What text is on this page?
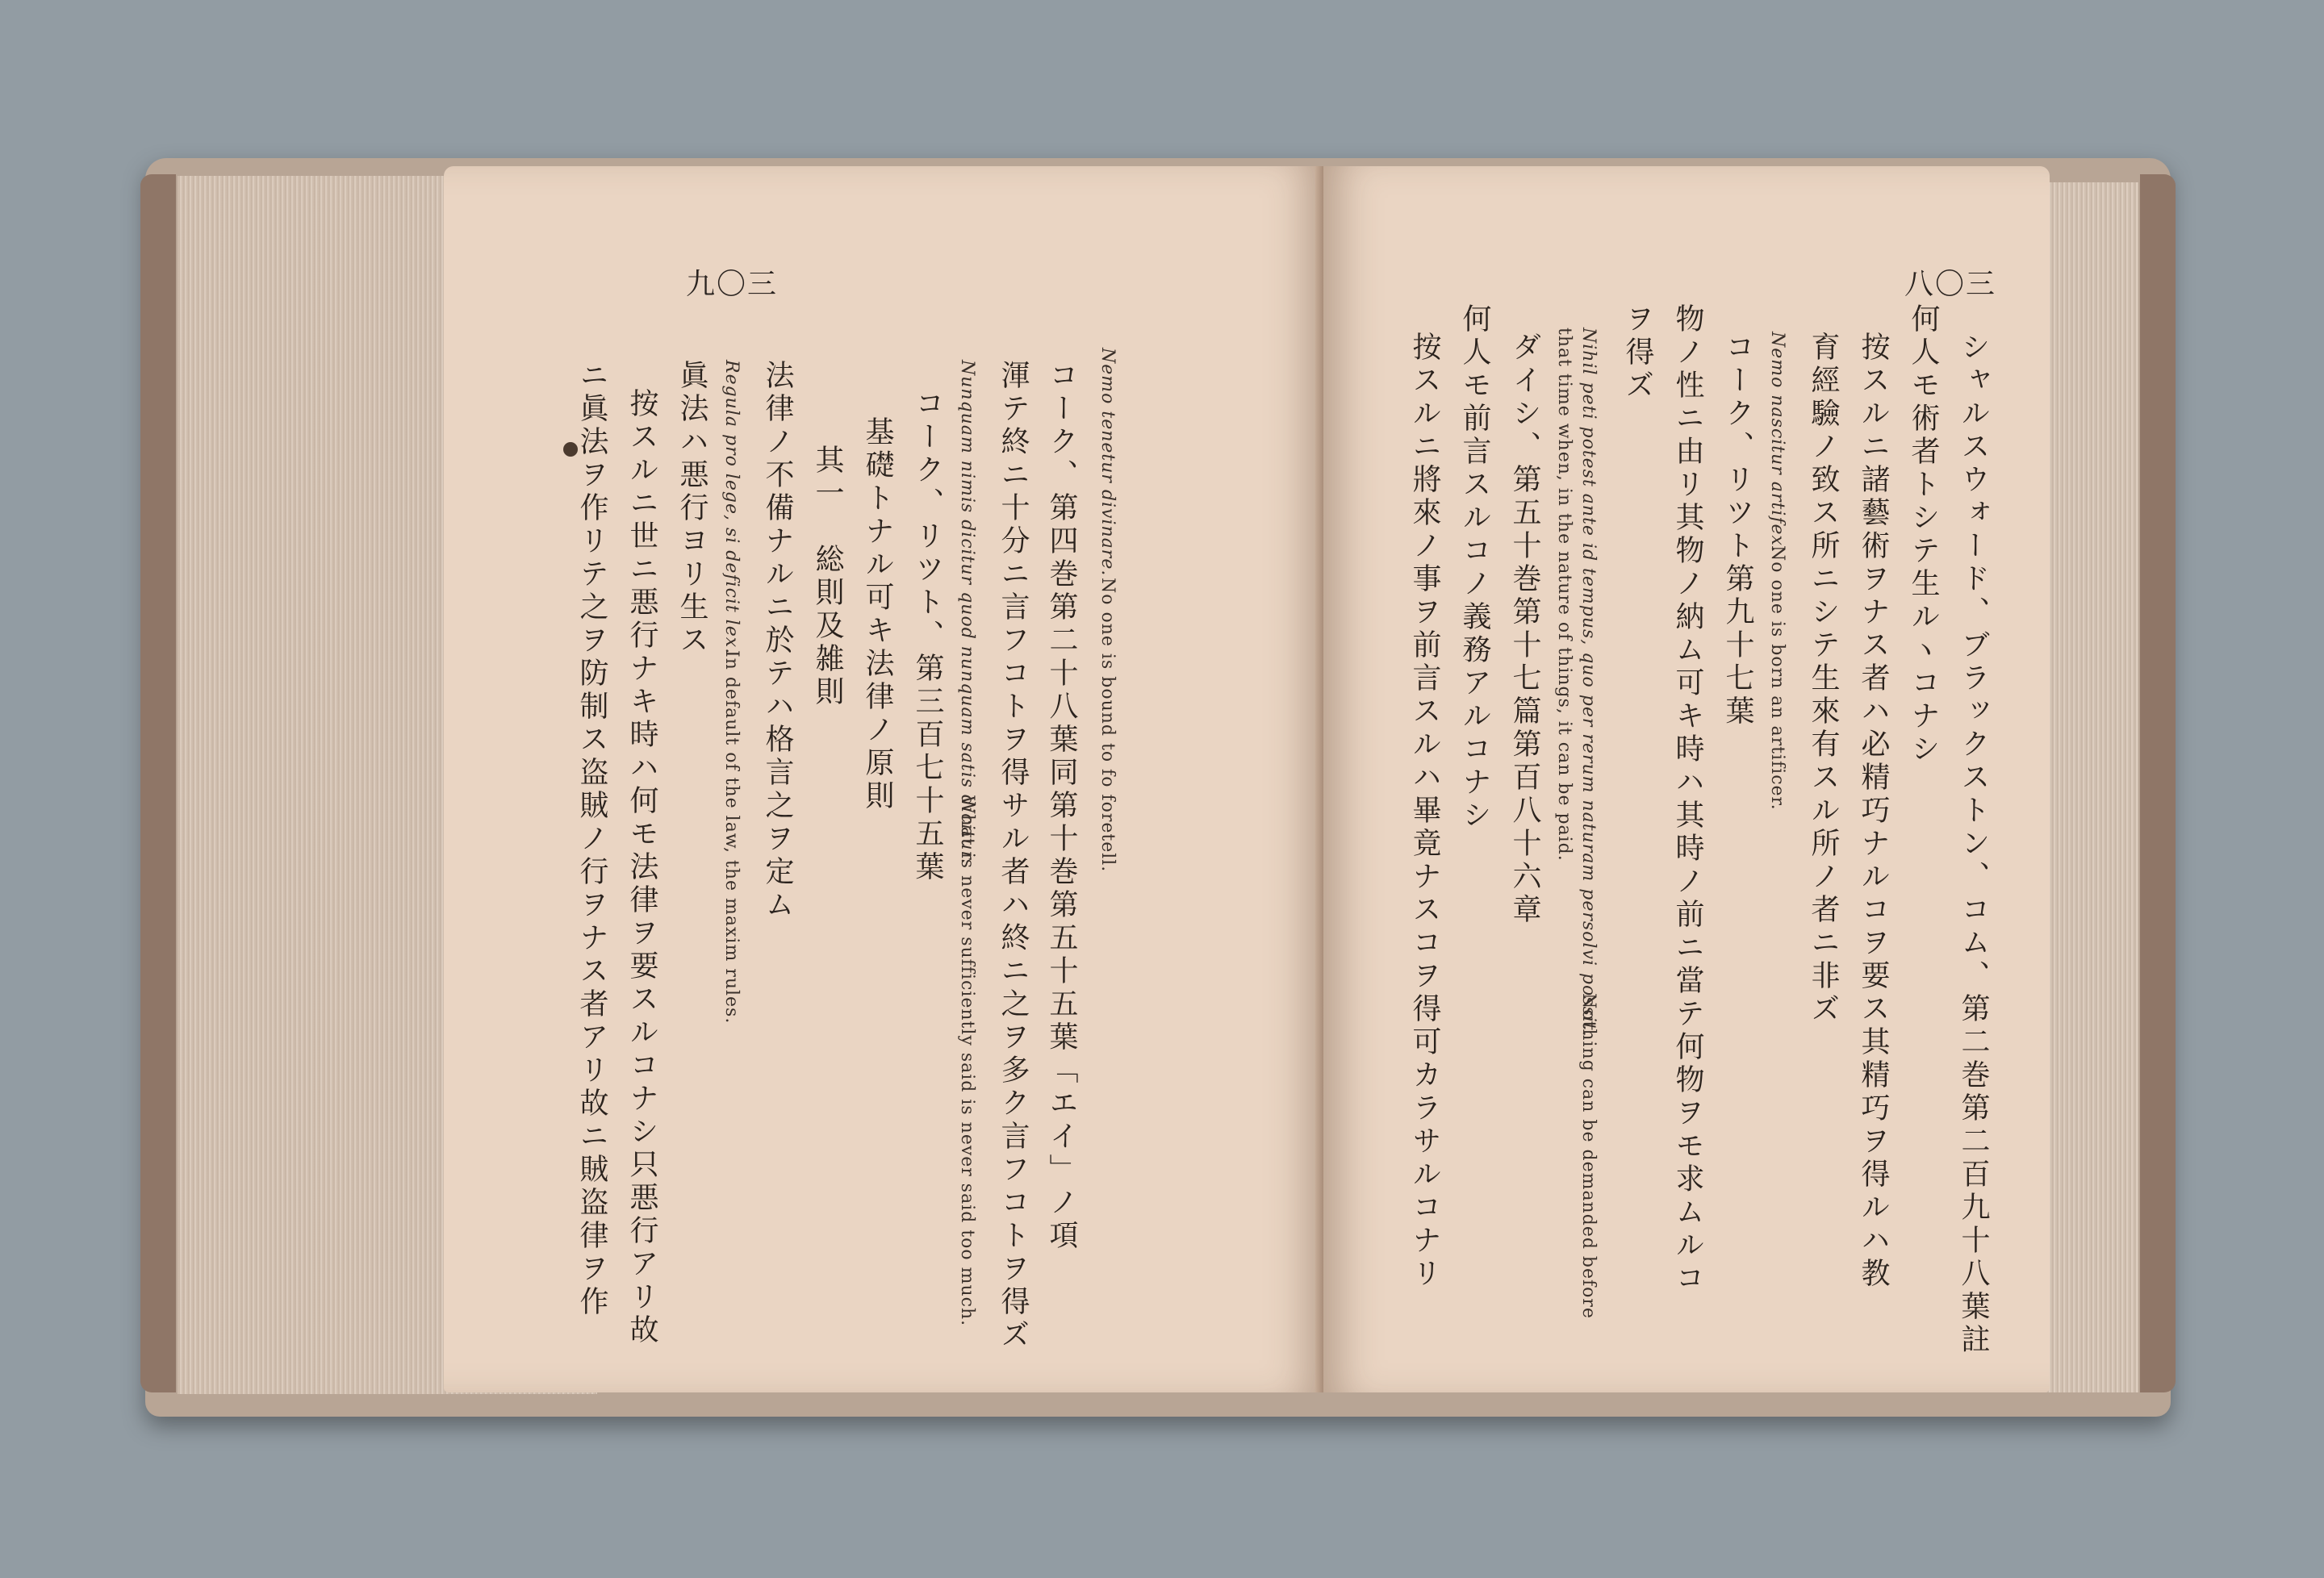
九〇三
Nemo tenetur divinare.
No one is bound to fo foretell.
コーク、第四巻第二十八葉同第十巻第五十五葉「エイ」ノ項
渾テ終ニ十分ニ言フコトヲ得サル者ハ終ニ之ヲ多ク言フコトヲ得ズ
Nunquam nimis dicitur quod nunquam satis dicitur.
What is never sufficiently said is never said too much.
コーク、リツト、第三百七十五葉
基礎トナル可キ法律ノ原則
其一　総則及雑則
法律ノ不備ナルニ於テハ格言之ヲ定ム
Regula pro lege, si deficit lex.
In default of the law, the maxim rules.
眞法ハ悪行ヨリ生ス
按スルニ世ニ悪行ナキ時ハ何モ法律ヲ要スルコナシ只悪行アリ故
ニ眞法ヲ作リテ之ヲ防制ス盗賊ノ行ヲナス者アリ故ニ賊盗律ヲ作
八〇三
シャルスウォード、ブラックストン、コム、第二巻第二百九十八葉註
何人モ術者トシテ生ルヽコナシ
按スルニ諸藝術ヲナス者ハ必精巧ナルコヲ要ス其精巧ヲ得ルハ教
育經驗ノ致ス所ニシテ生來有スル所ノ者ニ非ズ
Nemo nascitur artifex.
No one is born an artificer.
コーク、リツト第九十七葉
物ノ性ニ由リ其物ノ納ム可キ時ハ其時ノ前ニ當テ何物ヲモ求ムルコ
ヲ得ズ
Nihil peti potest ante id tempus, quo per rerum naturam persolvi possit.
Nothing can be demanded before
that time when, in the nature of things, it can be paid.
ダイシ、第五十巻第十七篇第百八十六章
何人モ前言スルコノ義務アルコナシ
按スルニ將來ノ事ヲ前言スルハ畢竟ナスコヲ得可カラサルコナリ
